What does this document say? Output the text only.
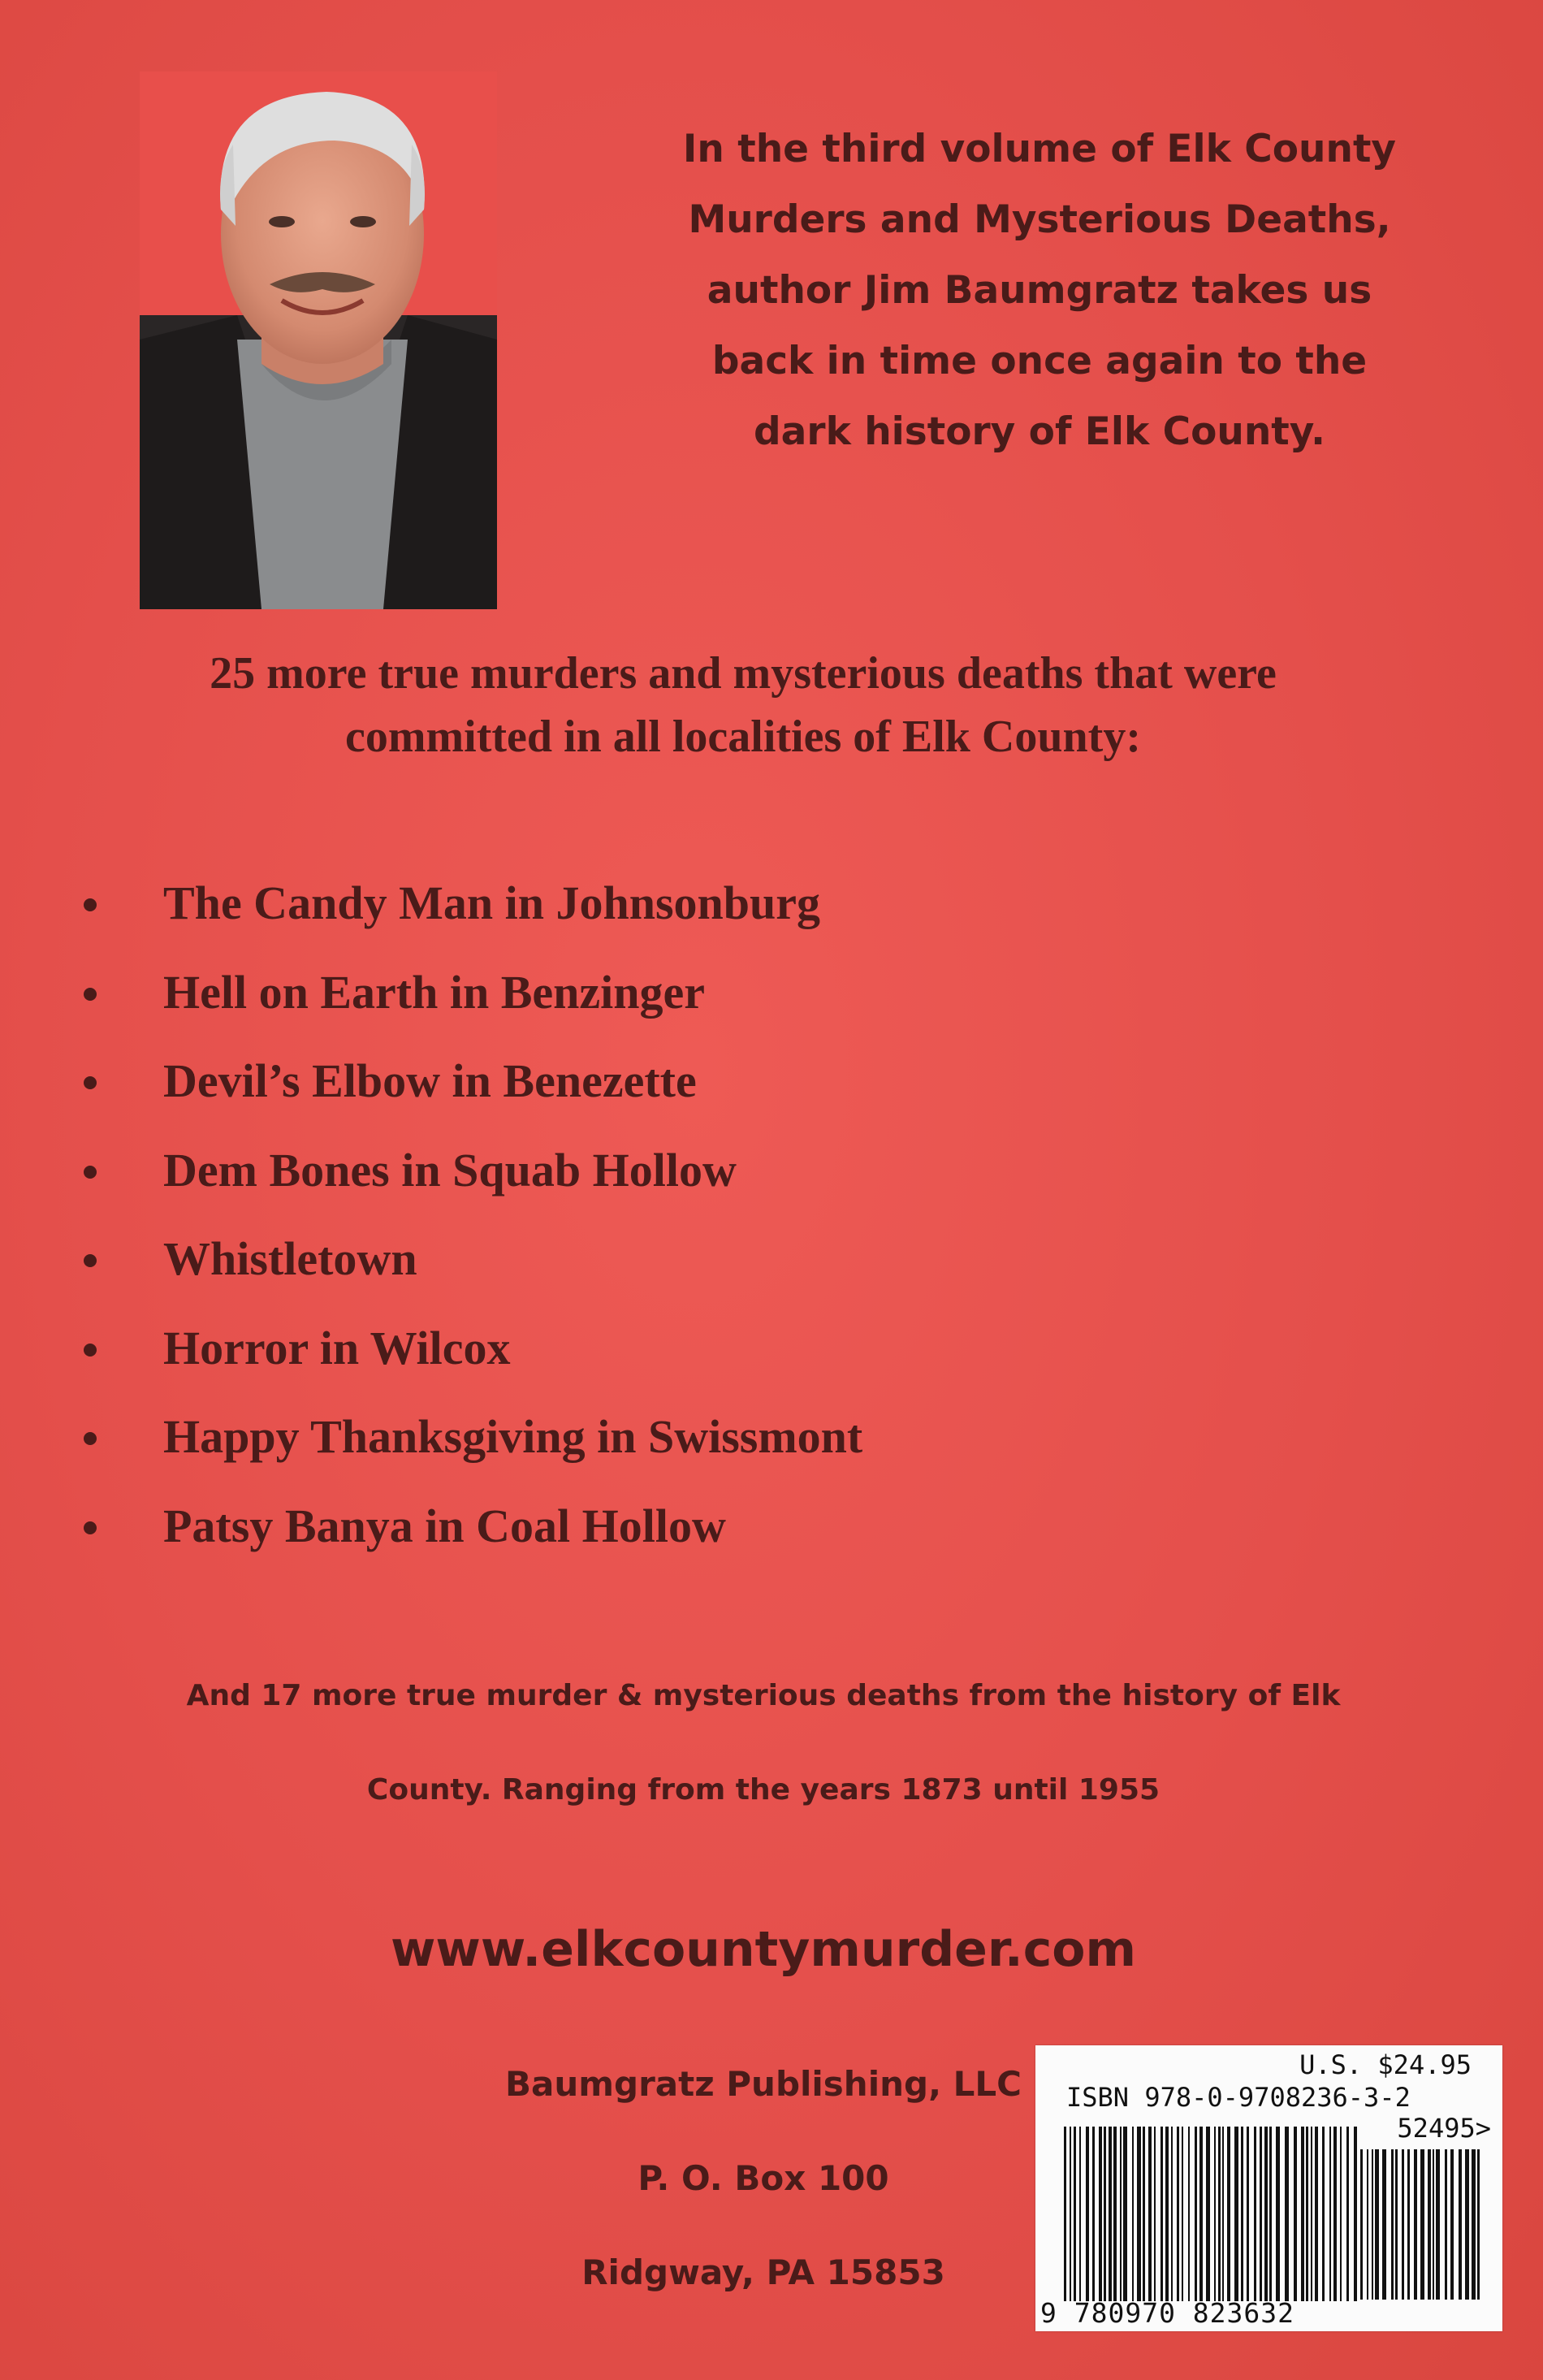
In the third volume of Elk County
Murders and Mysterious Deaths,
author Jim Baumgratz takes us
back in time once again to the
dark history of Elk County.
25 more true murders and mysterious deaths that were
committed in all localities of Elk County:
The Candy Man in Johnsonburg
Hell on Earth in Benzinger
Devil’s Elbow in Benezette
Dem Bones in Squab Hollow
Whistletown
Horror in Wilcox
Happy Thanksgiving in Swissmont
Patsy Banya in Coal Hollow
And 17 more true murder & mysterious deaths from the history of Elk
County. Ranging from the years 1873 until 1955
www.elkcountymurder.com
Baumgratz Publishing, LLC
P. O. Box 100
Ridgway, PA 15853
U.S. $24.95
ISBN 978-0-9708236-3-2
52495>
9 780970 823632
